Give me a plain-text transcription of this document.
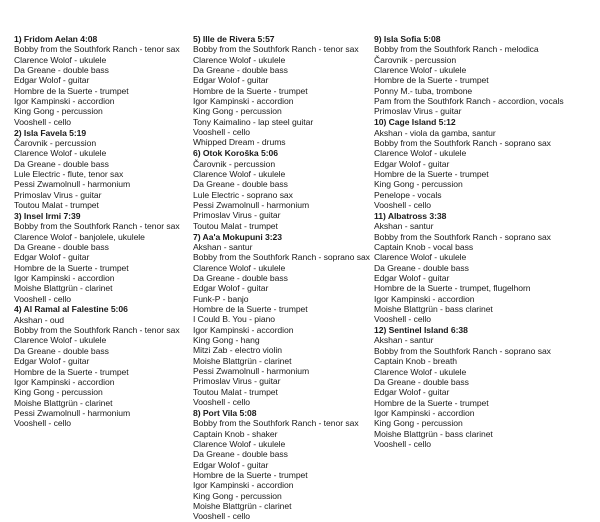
1) Fridom Aelan 4:08
Bobby from the Southfork Ranch - tenor sax
Clarence Wolof - ukulele
Da Greane - double bass
Edgar Wolof - guitar
Hombre de la Suerte - trumpet
Igor Kampinski - accordion
King Gong - percussion
Vooshell - cello
2) Isla Favela 5:19
Čarovnik - percussion
Clarence Wolof - ukulele
Da Greane - double bass
Lule Electric - flute, tenor sax
Pessi Zwamolnull - harmonium
Primoslav Virus - guitar
Toutou Malat - trumpet
3) Insel Irmi 7:39
Bobby from the Southfork Ranch - tenor sax
Clarence Wolof - banjolele, ukulele
Da Greane - double bass
Edgar Wolof - guitar
Hombre de la Suerte - trumpet
Igor Kampinski - accordion
Moishe Blattgrün - clarinet
Vooshell - cello
4) Al Ramal al Falestine 5:06
Akshan - oud
Bobby from the Southfork Ranch - tenor sax
Clarence Wolof - ukulele
Da Greane - double bass
Edgar Wolof - guitar
Hombre de la Suerte - trumpet
Igor Kampinski - accordion
King Gong - percussion
Moishe Blattgrün - clarinet
Pessi Zwamolnull - harmonium
Vooshell - cello
5) Ille de Rivera 5:57
Bobby from the Southfork Ranch - tenor sax
Clarence Wolof - ukulele
Da Greane - double bass
Edgar Wolof - guitar
Hombre de la Suerte - trumpet
Igor Kampinski - accordion
King Gong - percussion
Tony Kaimalino - lap steel guitar
Vooshell - cello
Whipped Dream - drums
6) Otok Koroška 5:06
Čarovnik - percussion
Clarence Wolof - ukulele
Da Greane - double bass
Lule Electric - soprano sax
Pessi Zwamolnull - harmonium
Primoslav Virus - guitar
Toutou Malat - trumpet
7) Aa'a Mokupuni 3:23
Akshan - santur
Bobby from the Southfork Ranch - soprano sax
Clarence Wolof - ukulele
Da Greane - double bass
Edgar Wolof - guitar
Funk-P - banjo
Hombre de la Suerte - trumpet
I Could B. You - piano
Igor Kampinski - accordion
King Gong - hang
Mitzi Zab - electro violin
Moishe Blattgrün - clarinet
Pessi Zwamolnull - harmonium
Primoslav Virus - guitar
Toutou Malat - trumpet
Vooshell - cello
8) Port Vila 5:08
Bobby from the Southfork Ranch - tenor sax
Captain Knob - shaker
Clarence Wolof - ukulele
Da Greane - double bass
Edgar Wolof - guitar
Hombre de la Suerte - trumpet
Igor Kampinski - accordion
King Gong - percussion
Moishe Blattgrün - clarinet
Vooshell - cello
9) Isla Sofia 5:08
Bobby from the Southfork Ranch - melodica
Čarovnik - percussion
Clarence Wolof - ukulele
Hombre de la Suerte - trumpet
Ponny M.- tuba, trombone
Pam from the Southfork Ranch - accordion, vocals
Primoslav Virus - guitar
10) Cage Island 5:12
Akshan - viola da gamba, santur
Bobby from the Southfork Ranch - soprano sax
Clarence Wolof - ukulele
Edgar Wolof - guitar
Hombre de la Suerte - trumpet
King Gong - percussion
Penelope - vocals
Vooshell - cello
11) Albatross 3:38
Akshan - santur
Bobby from the Southfork Ranch - soprano sax
Captain Knob - vocal bass
Clarence Wolof - ukulele
Da Greane - double bass
Edgar Wolof - guitar
Hombre de la Suerte - trumpet, flugelhorn
Igor Kampinski - accordion
Moishe Blattgrün - bass clarinet
Vooshell - cello
12) Sentinel Island 6:38
Akshan - santur
Bobby from the Southfork Ranch - soprano sax
Captain Knob - breath
Clarence Wolof - ukulele
Da Greane - double bass
Edgar Wolof - guitar
Hombre de la Suerte - trumpet
Igor Kampinski - accordion
King Gong - percussion
Moishe Blattgrün - bass clarinet
Vooshell - cello
